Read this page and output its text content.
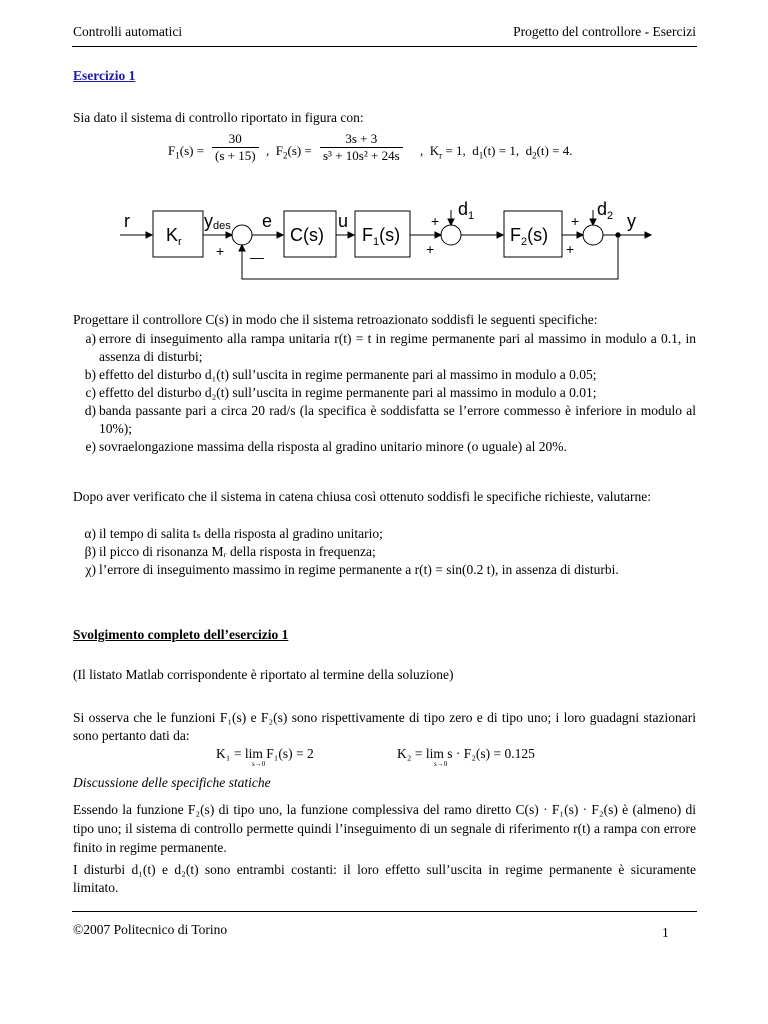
Controlli automatici	Progetto del controllore - Esercizi
Esercizio 1
Sia dato il sistema di controllo riportato in figura con:
$F_1(s) = \frac{30}{(s + 15)}$ ,  $F_2(s) = \frac{3s + 3}{\text{s³ + 10s² + 24s}}$ ,  $K_r = 1$,  $d_1(t) = 1$,  $d_2(t) = 4$.
r
$K_r$
ydes e
C(s)
u
$F_1(s)$
$d_1$
$F_2(s)$
$d_2$ y
+ —
+
+
+
+
Progettare il controllore C(s) in modo che il sistema retroazionato soddisfi le seguenti specifiche:
a) errore di inseguimento alla rampa unitaria r(t) = t in regime permanente pari al massimo in modulo a 0.1, in assenza di disturbi;
b) effetto del disturbo d₁(t) sull’uscita in regime permanente pari al massimo in modulo a 0.05;
c) effetto del disturbo d₂(t) sull’uscita in regime permanente pari al massimo in modulo a 0.01;
d) banda passante pari a circa 20 rad/s (la specifica è soddisfatta se l’errore commesso è inferiore in modulo al 10%);
e) sovraelongazione massima della risposta al gradino unitario minore (o uguale) al 20%.
Dopo aver verificato che il sistema in catena chiusa così ottenuto soddisfi le specifiche richieste, valutarne:
α) il tempo di salita tₛ della risposta al gradino unitario;
β) il picco di risonanza Mᵣ della risposta in frequenza;
χ) l’errore di inseguimento massimo in regime permanente a r(t) = sin(0.2 t), in assenza di disturbi.
Svolgimento completo dell’esercizio 1
(Il listato Matlab corrispondente è riportato al termine della soluzione)
Si osserva che le funzioni F₁(s) e F₂(s) sono rispettivamente di tipo zero e di tipo uno; i loro guadagni stazionari sono pertanto dati da:
K₁ = lim F₁(s) = 2
s→0
K₂ = lim s · F₂(s) = 0.125
s→0
Discussione delle specifiche statiche
Essendo la funzione F₂(s) di tipo uno, la funzione complessiva del ramo diretto C(s) · F₁(s) · F₂(s) è (almeno) di tipo uno; il sistema di controllo permette quindi l’inseguimento di un segnale di riferimento r(t) a rampa con errore finito in regime permanente.
I disturbi d₁(t) e d₂(t) sono entrambi costanti: il loro effetto sull’uscita in regime permanente è sicuramente limitato.
©2007 Politecnico di Torino	1
